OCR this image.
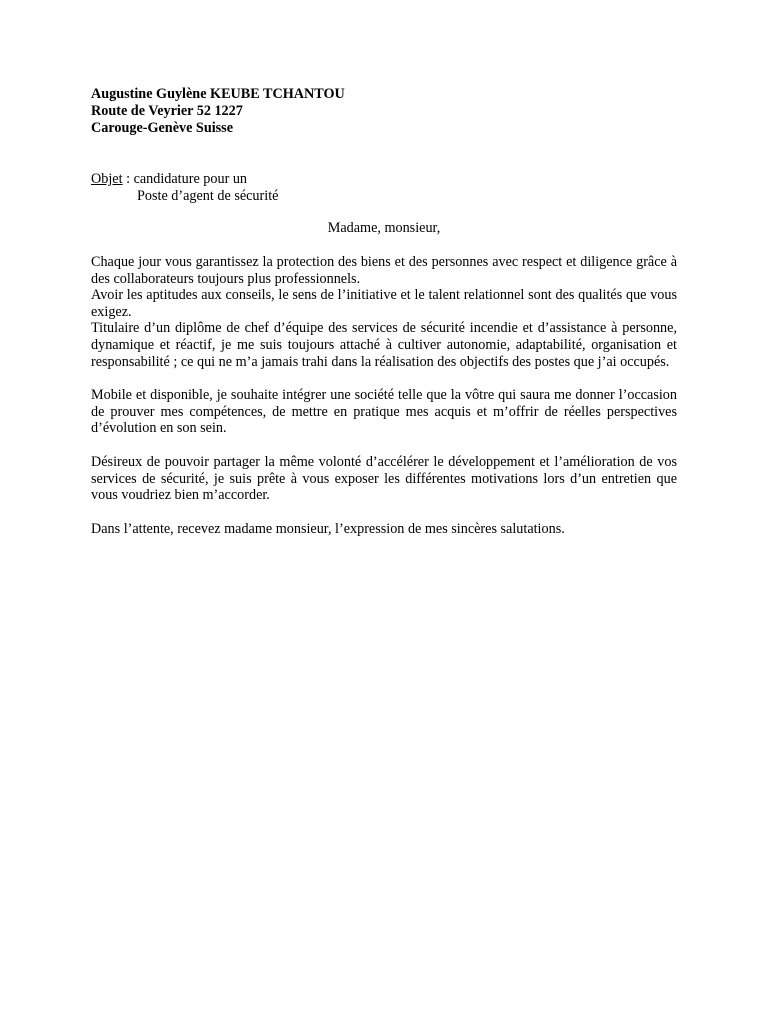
Augustine Guylène KEUBE TCHANTOU
Route de Veyrier 52 1227
Carouge-Genève Suisse
Objet : candidature pour un
Poste d’agent de sécurité
Madame, monsieur,

Chaque jour vous garantissez la protection des biens et des personnes avec respect et diligence grâce à des collaborateurs toujours plus professionnels.

Avoir les aptitudes aux conseils, le sens de l’initiative et le talent relationnel sont des qualités que vous exigez.

Titulaire d’un diplôme de chef d’équipe des services de sécurité incendie et d’assistance à personne, dynamique et réactif, je me suis toujours attaché à cultiver autonomie, adaptabilité, organisation et responsabilité ; ce qui ne m’a jamais trahi dans la réalisation des objectifs des postes que j’ai occupés.

Mobile et disponible, je souhaite intégrer une société telle que la vôtre qui saura me donner l’occasion de prouver mes compétences, de mettre en pratique mes acquis et m’offrir de réelles perspectives d’évolution en son sein.

Désireux de pouvoir partager la même volonté d’accélérer le développement et l’amélioration de vos services de sécurité, je suis prête à vous exposer les différentes motivations lors d’un entretien que vous voudriez bien m’accorder.

Dans l’attente, recevez madame monsieur, l’expression de mes sincères salutations.
